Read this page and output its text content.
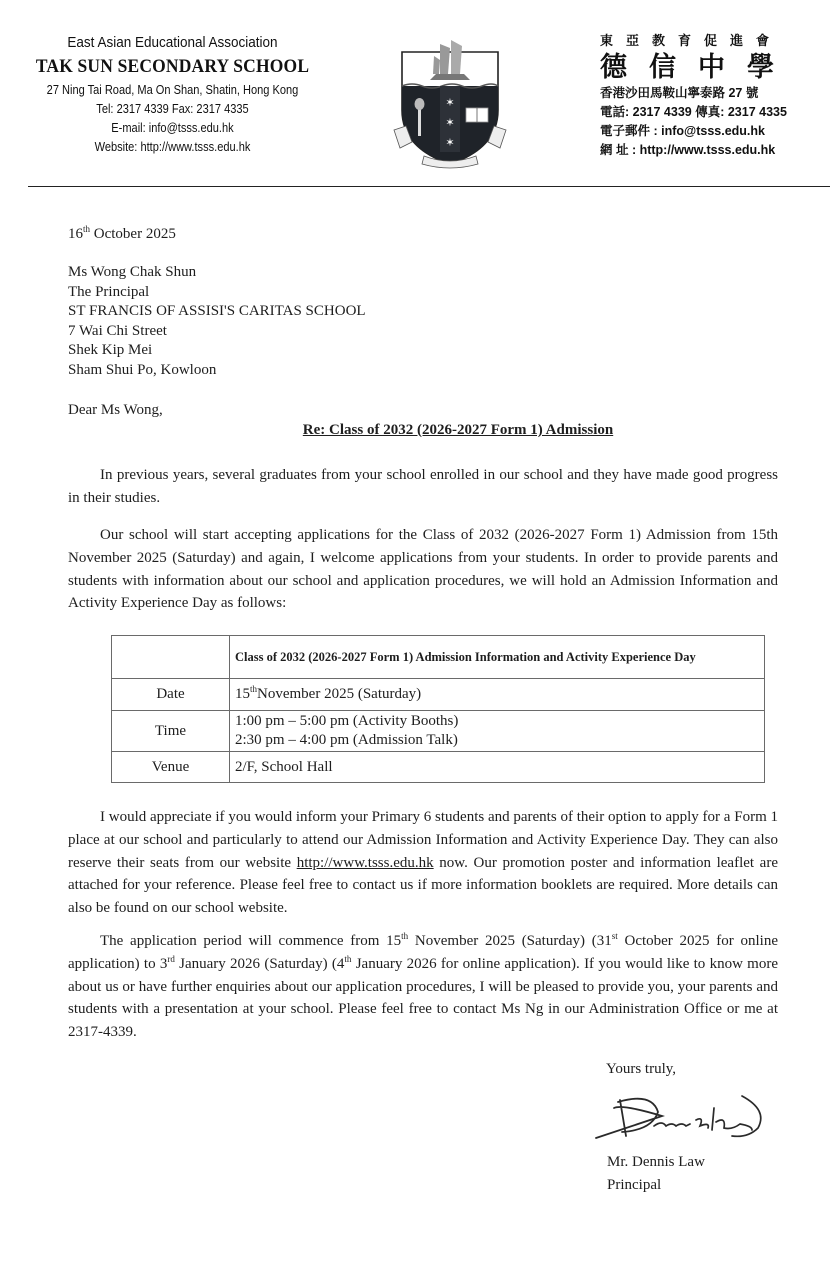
East Asian Educational Association
TAK SUN SECONDARY SCHOOL
27 Ning Tai Road, Ma On Shan, Shatin, Hong Kong
Tel: 2317 4339 Fax: 2317 4335
E-mail: info@tsss.edu.hk
Website: http://www.tsss.edu.hk
✶
✶
✶
東亞教育促進會
德信中學
香港沙田馬鞍山寧泰路 27 號
電話: 2317 4339 傳真: 2317 4335
電子郵件 : info@tsss.edu.hk
網 址 : http://www.tsss.edu.hk
16th October 2025
Ms Wong Chak Shun
The Principal
ST FRANCIS OF ASSISI'S CARITAS SCHOOL
7 Wai Chi Street
Shek Kip Mei
Sham Shui Po, Kowloon
Dear Ms Wong,
Re: Class of 2032 (2026-2027 Form 1) Admission
In previous years, several graduates from your school enrolled in our school and they have made good progress in their studies.
Our school will start accepting applications for the Class of 2032 (2026-2027 Form 1) Admission from 15th November 2025 (Saturday) and again, I welcome applications from your students. In order to provide parents and students with information about our school and application procedures, we will hold an Admission Information and Activity Experience Day as follows:
	Class of 2032 (2026-2027 Form 1) Admission Information and Activity Experience Day
Date	15thNovember 2025 (Saturday)
Time	1:00 pm – 5:00 pm (Activity Booths)
2:30 pm – 4:00 pm (Admission Talk)

Venue	2/F, School Hall
I would appreciate if you would inform your Primary 6 students and parents of their option to apply for a Form 1 place at our school and particularly to attend our Admission Information and Activity Experience Day. They can also reserve their seats from our website http://www.tsss.edu.hk now. Our promotion poster and information leaflet are attached for your reference. Please feel free to contact us if more information booklets are required. More details can also be found on our school website.
The application period will commence from 15th November 2025 (Saturday) (31st October 2025 for online application) to 3rd January 2026 (Saturday) (4th January 2026 for online application). If you would like to know more about us or have further enquiries about our application procedures, I will be pleased to provide you, your parents and students with a presentation at your school. Please feel free to contact Ms Ng in our Administration Office or me at 2317-4339.
Yours truly,
Mr. Dennis Law
Principal
